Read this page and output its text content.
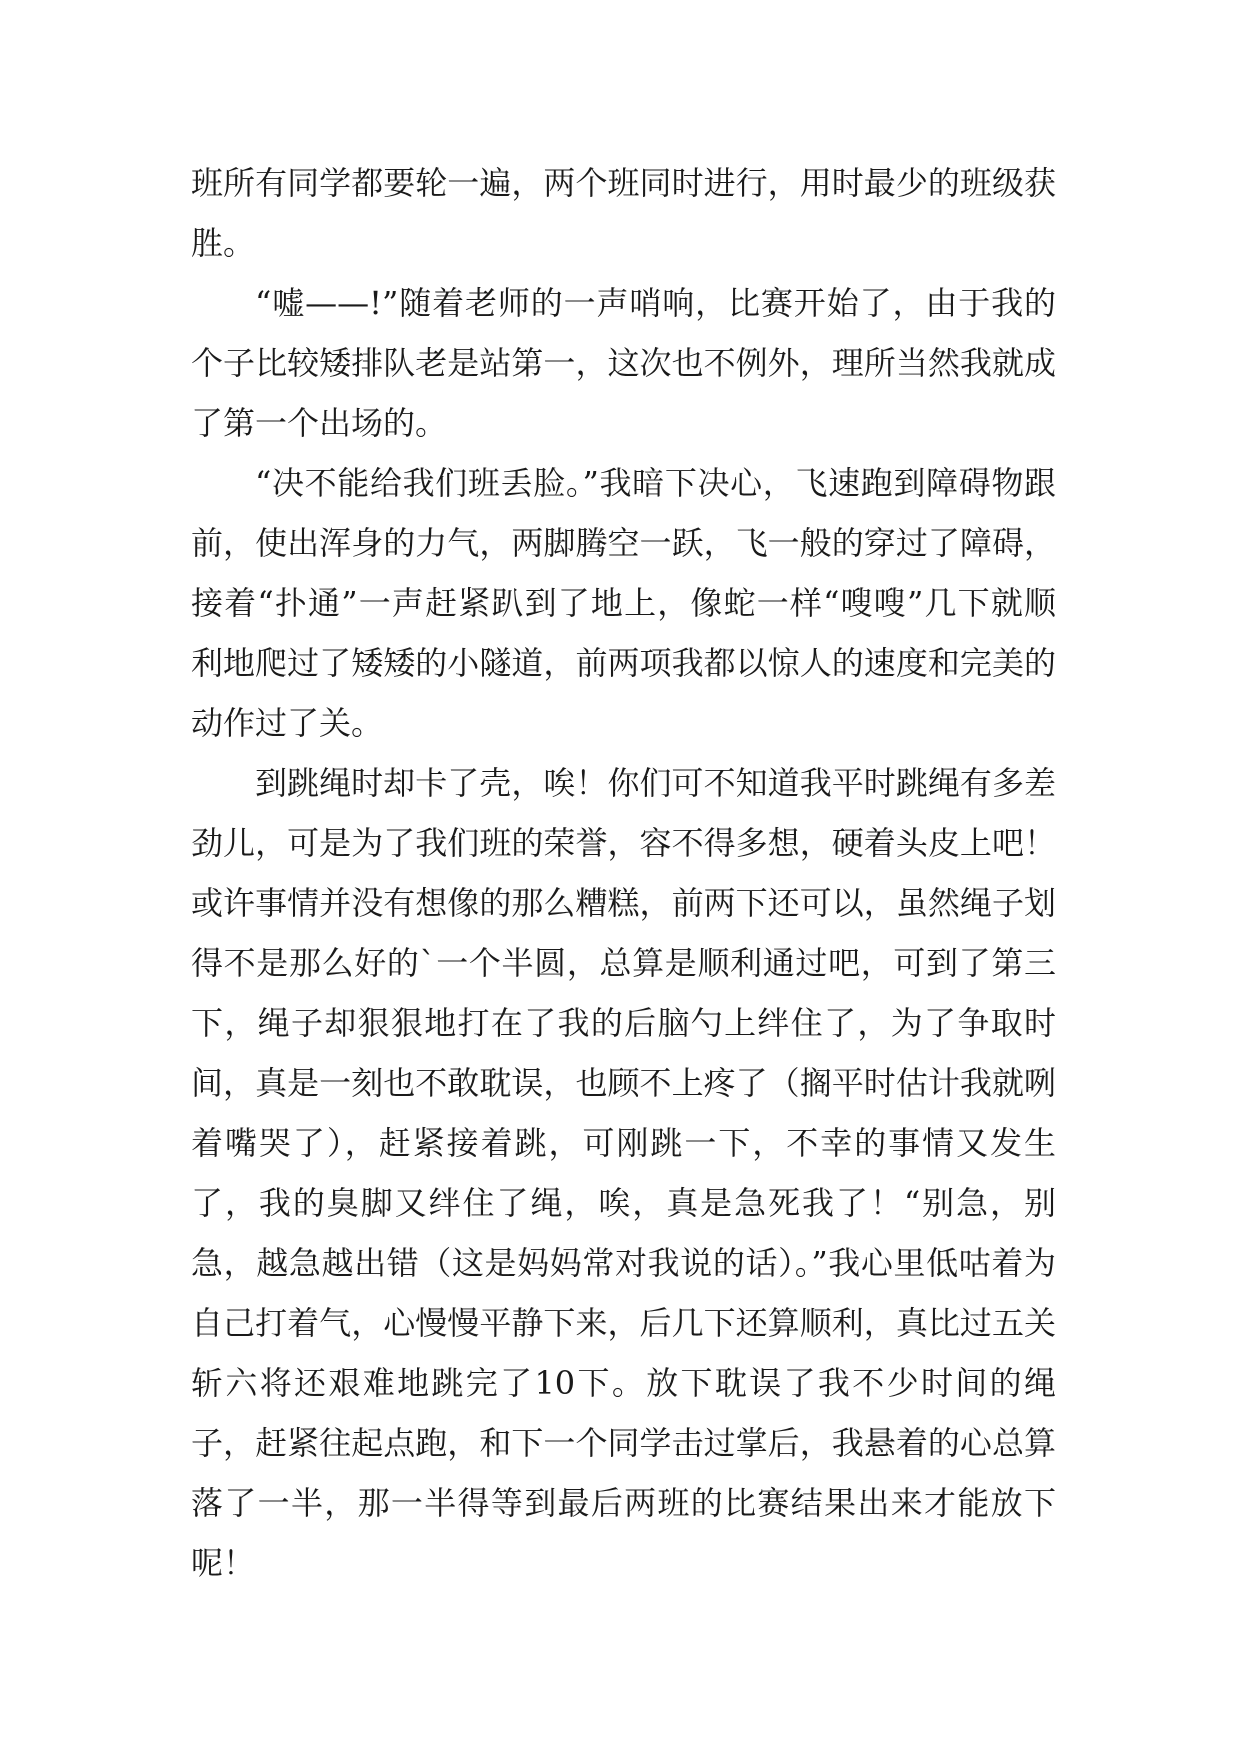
班所有同学都要轮一遍，两个班同时进行，用时最少的班级获胜。

“嘘——!”随着老师的一声哨响，比赛开始了，由于我的个子比较矮排队老是站第一，这次也不例外，理所当然我就成了第一个出场的。

“决不能给我们班丢脸。”我暗下决心，飞速跑到障碍物跟前，使出浑身的力气，两脚腾空一跃，飞一般的穿过了障碍，接着“扑通”一声赶紧趴到了地上，像蛇一样“嗖嗖”几下就顺利地爬过了矮矮的小隧道，前两项我都以惊人的速度和完美的动作过了关。

到跳绳时却卡了壳，唉！你们可不知道我平时跳绳有多差劲儿，可是为了我们班的荣誉，容不得多想，硬着头皮上吧！或许事情并没有想像的那么糟糕，前两下还可以，虽然绳子划得不是那么好的`一个半圆，总算是顺利通过吧，可到了第三下，绳子却狠狠地打在了我的后脑勺上绊住了，为了争取时间，真是一刻也不敢耽误，也顾不上疼了（搁平时估计我就咧着嘴哭了），赶紧接着跳，可刚跳一下，不幸的事情又发生了，我的臭脚又绊住了绳，唉，真是急死我了！“别急，别急，越急越出错（这是妈妈常对我说的话）。”我心里低咕着为自己打着气，心慢慢平静下来，后几下还算顺利，真比过五关斩六将还艰难地跳完了10下。放下耽误了我不少时间的绳子，赶紧往起点跑，和下一个同学击过掌后，我悬着的心总算落了一半，那一半得等到最后两班的比赛结果出来才能放下呢！
